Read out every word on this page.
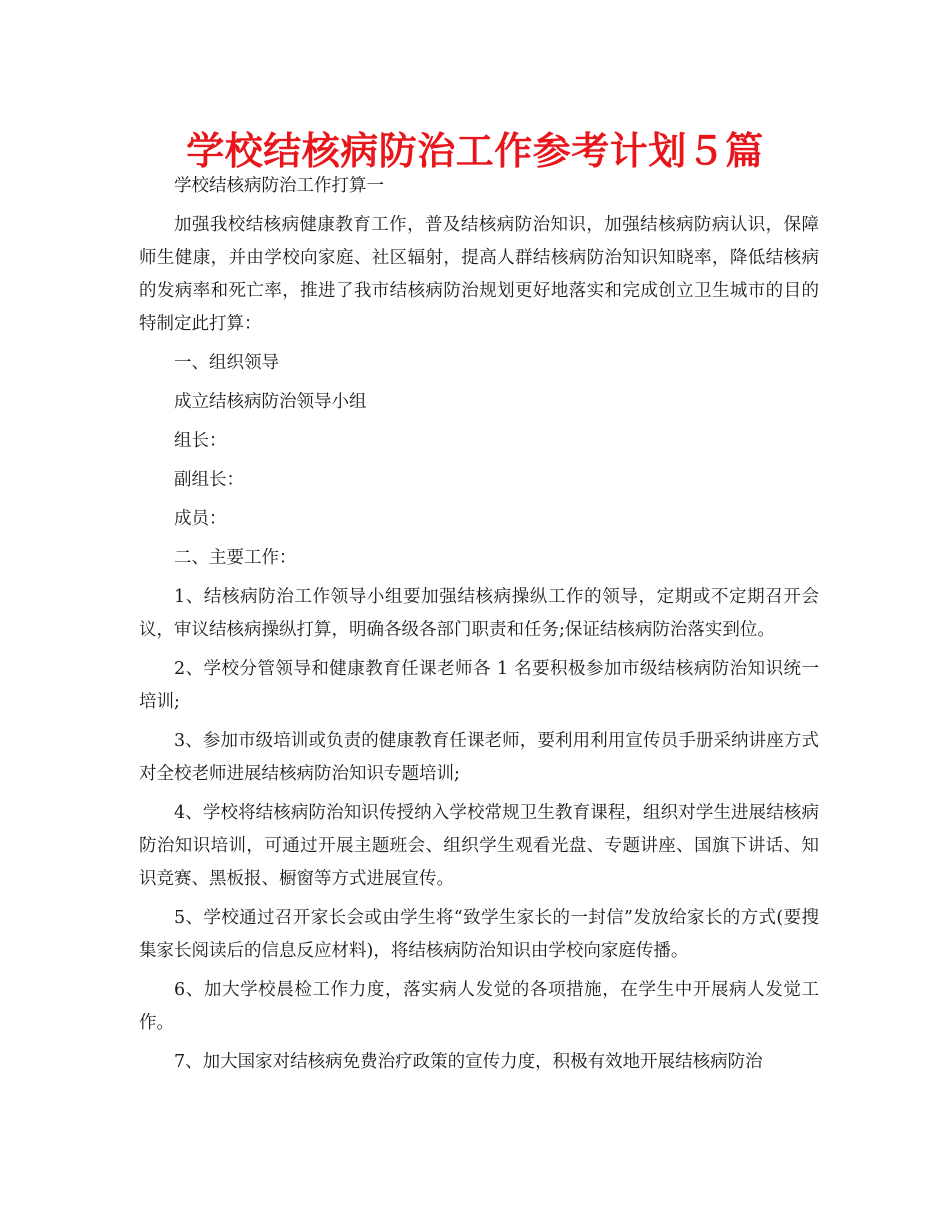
学校结核病防治工作参考计划５篇

学校结核病防治工作打算一

加强我校结核病健康教育工作，普及结核病防治知识，加强结核病防病认识，保障师生健康，并由学校向家庭、社区辐射，提高人群结核病防治知识知晓率，降低结核病的发病率和死亡率，推进了我市结核病防治规划更好地落实和完成创立卫生城市的目的特制定此打算：

一、组织领导

成立结核病防治领导小组

组长：

副组长：

成员：

二、主要工作：

1、结核病防治工作领导小组要加强结核病操纵工作的领导，定期或不定期召开会议，审议结核病操纵打算，明确各级各部门职责和任务;保证结核病防治落实到位。

2、学校分管领导和健康教育任课老师各 1 名要积极参加市级结核病防治知识统一培训;

3、参加市级培训或负责的健康教育任课老师，要利用利用宣传员手册采纳讲座方式对全校老师进展结核病防治知识专题培训;

4、学校将结核病防治知识传授纳入学校常规卫生教育课程，组织对学生进展结核病防治知识培训，可通过开展主题班会、组织学生观看光盘、专题讲座、国旗下讲话、知识竞赛、黑板报、橱窗等方式进展宣传。

5、学校通过召开家长会或由学生将“致学生家长的一封信”发放给家长的方式(要搜集家长阅读后的信息反应材料)，将结核病防治知识由学校向家庭传播。

6、加大学校晨检工作力度，落实病人发觉的各项措施，在学生中开展病人发觉工作。

7、加大国家对结核病免费治疗政策的宣传力度，积极有效地开展结核病防治
